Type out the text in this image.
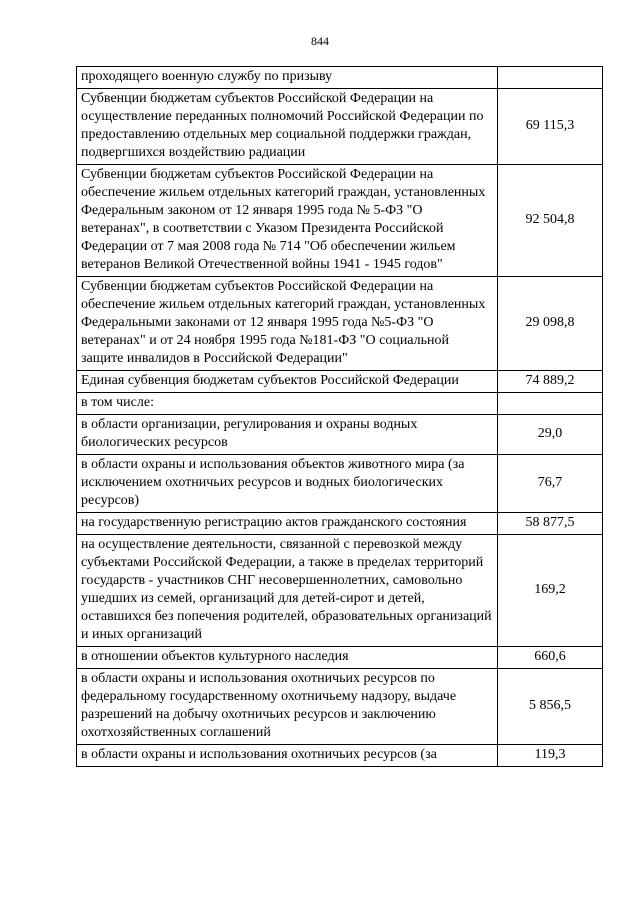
844
проходящего военную службу по призыву	
Субвенции бюджетам субъектов Российской Федерации на осуществление переданных полномочий Российской Федерации по предоставлению отдельных мер социальной поддержки граждан, подвергшихся воздействию радиации	69 115,3
Субвенции бюджетам субъектов Российской Федерации на обеспечение жильем отдельных категорий граждан, установленных Федеральным законом от 12 января 1995 года № 5-ФЗ "О ветеранах", в соответствии с Указом Президента Российской Федерации от 7 мая 2008 года № 714 "Об обеспечении жильем ветеранов Великой Отечественной войны 1941 - 1945 годов"	92 504,8
Субвенции бюджетам субъектов Российской Федерации на обеспечение жильем отдельных категорий граждан, установленных Федеральными законами от 12 января 1995 года №5-ФЗ "О ветеранах" и от 24 ноября 1995 года №181-ФЗ "О социальной защите инвалидов в Российской Федерации"	29 098,8
Единая субвенция бюджетам субъектов Российской Федерации	74 889,2
в том числе:	
в области организации, регулирования и охраны водных биологических ресурсов	29,0
в области охраны и использования объектов животного мира (за исключением охотничьих ресурсов и водных биологических ресурсов)	76,7
на государственную регистрацию актов гражданского состояния	58 877,5
на осуществление деятельности, связанной с перевозкой между субъектами Российской Федерации, а также в пределах территорий государств - участников СНГ несовершеннолетних, самовольно ушедших из семей, организаций для детей-сирот и детей, оставшихся без попечения родителей, образовательных организаций и иных организаций	169,2
в отношении объектов культурного наследия	660,6
в области охраны и использования охотничьих ресурсов по федеральному государственному охотничьему надзору, выдаче разрешений на добычу охотничьих ресурсов и заключению охотхозяйственных соглашений	5 856,5
в области охраны и использования охотничьих ресурсов (за	119,3
